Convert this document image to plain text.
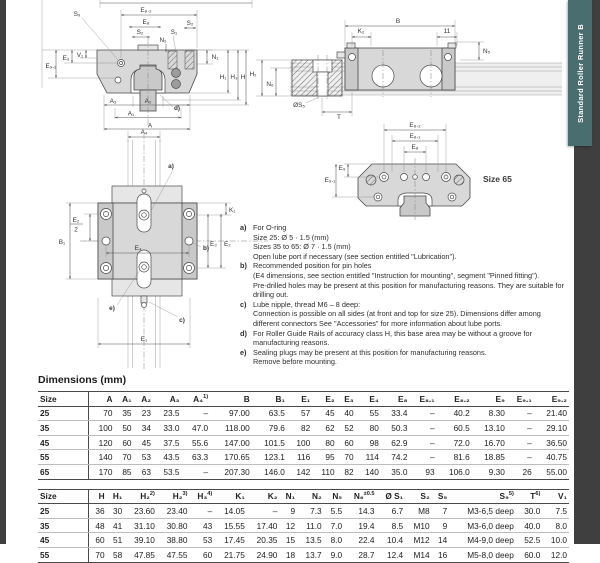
Standard Roller Runner B
E₈.₂
E₈
S₂
N₂
S₁
S₂
N₁
S₉
V₁
E₉
E₉.₂
H₁ H₃ H
A₃	A₂
A₁
A
d)
B
K₂	11
N₅
H₂
N₆
ØS₅
T
E₈.₂
E₈.₁
E₈
E₉
E₉.₁	Size 65
A₄
a)
K₁
E₂
2
B₁
E₄
E₃ E₂
b)
e)
c)
E₁
a) For O-ring
Size 25: Ø 5 · 1.5 (mm)
Sizes 35 to 65: Ø 7 · 1.5 (mm)
Open lube port if necessary (see section entitled "Lubrication").
b) Recommended position for pin holes
(E4 dimensions, see section entitled "Instruction for mounting", segment "Pinned fitting").
Pre-drilled holes may be present at this position for manufacturing reasons. They are suitable for drilling out.
c) Lube nipple, thread M6 – 8 deep:
Connection is possible on all sides (at front and top for size 25). Dimensions differ among different connectors See "Accessories" for more information about lube ports.
d) For Roller Guide Rails of accuracy class H, this base area may be without a groove for manufacturing reasons.
e) Sealing plugs may be present at this position for manufacturing reasons.
Remove before mounting.
Dimensions (mm)
Size	A	A₁	A₂	A₃	A₄$^{1)}$	B	B₁	E₁	E₂	E₃	E₄	E₈	E₈.₁	E₈.₂	E₉	E₉.₁	E₉.₂
25	70	35	23	23.5	–	97.00	63.5	57	45	40	55	33.4	–	40.2	8.30	–	21.40
35	100	50	34	33.0	47.0	118.00	79.6	82	62	52	80	50.3	–	60.5	13.10	–	29.10
45	120	60	45	37.5	55.6	147.00	101.5	100	80	60	98	62.9	–	72.0	16.70	–	36.50
55	140	70	53	43.5	63.3	170.65	123.1	116	95	70	114	74.2	–	81.6	18.85	–	40.75
65	170	85	63	53.5	–	207.30	146.0	142	110	82	140	35.0	93	106.0	9.30	26	55.00
Size	H	H₁	H₂$^{2)}$	H₂$^{3)}$	H₃$^{4)}$	K₁	K₂	N₁	N₂	N₅	N₆$^{\pm 0.5}$	Ø S₁	S₂	S₅	S₉$^{5)}$	$T^{6)}$	V₁
25	36	30	23.60	23.40	–	14.05	–	9	7.3	5.5	14.3	6.7	M8	7	M3-6,5 deep	30.0	7.5
35	48	41	31.10	30.80	43	15.55	17.40	12	11.0	7.0	19.4	8.5	M10	9	M3-6,0 deep	40.0	8.0
45	60	51	39.10	38.80	53	17.45	20.35	15	13.5	8.0	22.4	10.4	M12	14	M4-9,0 deep	52.5	10.0
55	70	58	47.85	47.55	60	21.75	24.90	18	13.7	9.0	28.7	12.4	M14	16	M5-8,0 deep	60.0	12.0
